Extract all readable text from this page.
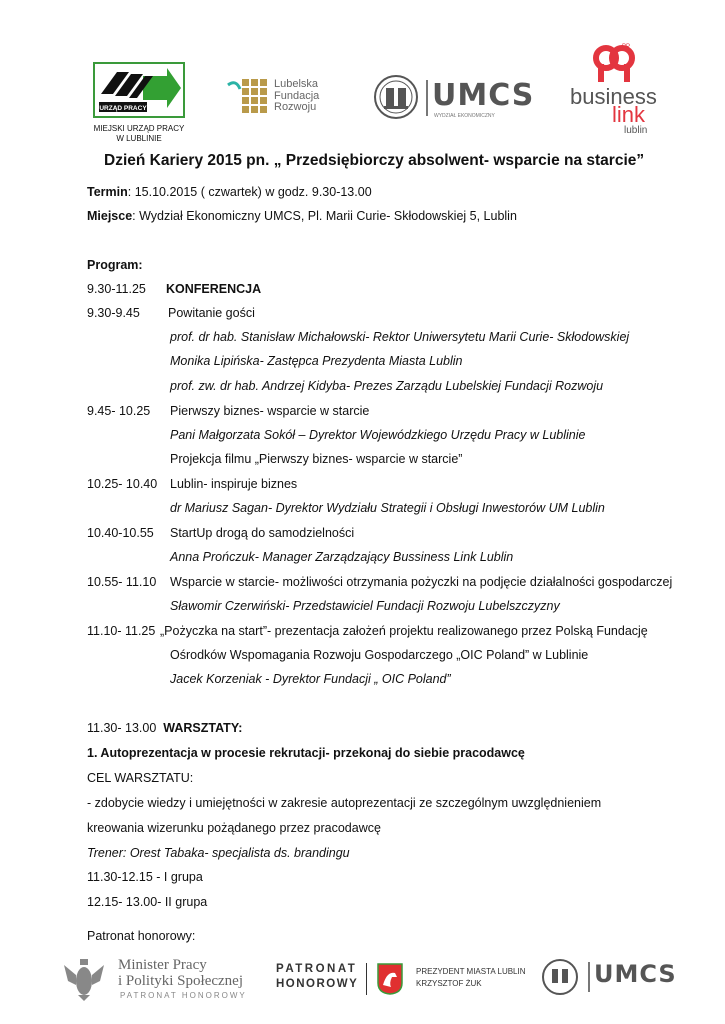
URZĄD PRACY
MIEJSKI URZĄD PRACY
W LUBLINIE
Lubelska
Fundacja
Rozwoju	UMCS
WYDZIAŁ EKONOMICZNY
PP
business
link
lublin
Dzień Kariery 2015 pn. „ Przedsiębiorczy absolwent- wsparcie na starcie”
Termin: 15.10.2015 ( czwartek) w godz. 9.30-13.00
Miejsce: Wydział Ekonomiczny UMCS, Pl. Marii Curie- Skłodowskiej 5, Lublin
Program:
9.30-11.25 KONFERENCJA
9.30-9.45 Powitanie gości
prof. dr hab. Stanisław Michałowski- Rektor Uniwersytetu Marii Curie- Skłodowskiej
Monika Lipińska- Zastępca Prezydenta Miasta Lublin
prof. zw. dr hab. Andrzej Kidyba- Prezes Zarządu Lubelskiej Fundacji Rozwoju
9.45- 10.25 Pierwszy biznes- wsparcie w starcie
Pani Małgorzata Sokół – Dyrektor Wojewódzkiego Urzędu Pracy w Lublinie
Projekcja filmu „Pierwszy biznes- wsparcie w starcie”
10.25- 10.40 Lublin- inspiruje biznes
dr Mariusz Sagan- Dyrektor Wydziału Strategii i Obsługi Inwestorów UM Lublin
10.40-10.55 StartUp drogą do samodzielności
Anna Prończuk- Manager Zarządzający Bussiness Link Lublin
10.55- 11.10 Wsparcie w starcie- możliwości otrzymania pożyczki na podjęcie działalności gospodarczej
Sławomir Czerwiński- Przedstawiciel Fundacji Rozwoju Lubelszczyzny
11.10- 11.25 „Pożyczka na start”- prezentacja założeń projektu realizowanego przez Polską Fundację
Ośrodków Wspomagania Rozwoju Gospodarczego „OIC Poland” w Lublinie
Jacek Korzeniak - Dyrektor Fundacji „ OIC Poland”
11.30- 13.00 WARSZTATY:
1. Autoprezentacja w procesie rekrutacji- przekonaj do siebie pracodawcę
CEL WARSZTATU:
- zdobycie wiedzy i umiejętności w zakresie autoprezentacji ze szczególnym uwzględnieniem
kreowania wizerunku pożądanego przez pracodawcę
Trener: Orest Tabaka- specjalista ds. brandingu
11.30-12.15 - I grupa
12.15- 13.00- II grupa
Patronat honorowy:
Minister Pracy
i Polityki Społecznej
PATRONAT HONOROWY
PATRONAT
HONOROWY
PREZYDENT MIASTA LUBLIN
KRZYSZTOF ŻUK	UMCS
